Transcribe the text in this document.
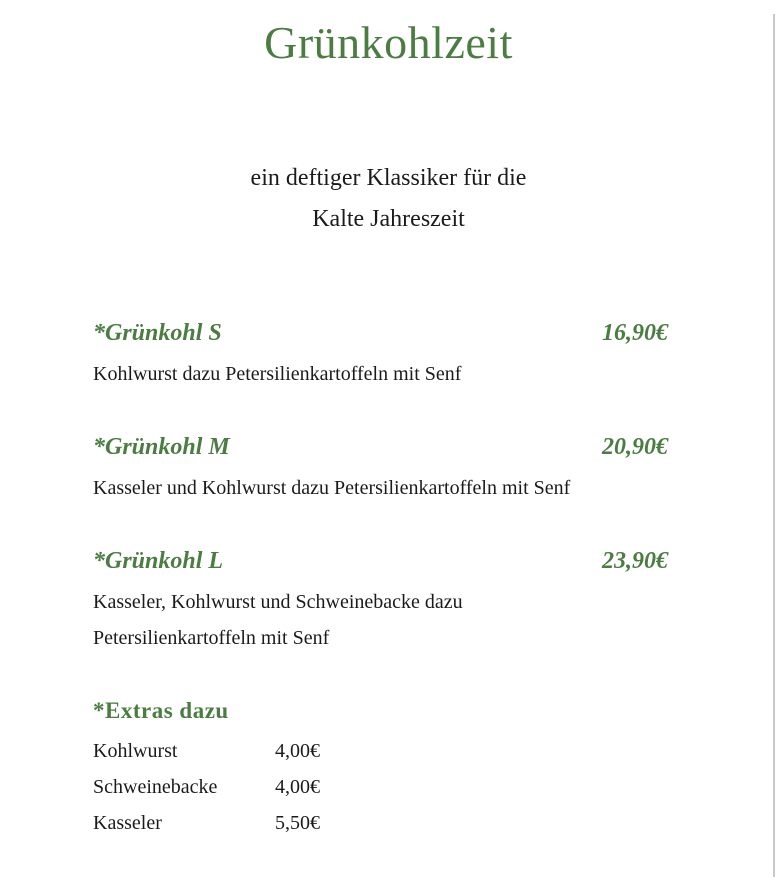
Grünkohlzeit
ein deftiger Klassiker für die
Kalte Jahreszeit
*Grünkohl S	16,90€
Kohlwurst dazu Petersilienkartoffeln mit Senf
*Grünkohl M	20,90€
Kasseler und Kohlwurst dazu Petersilienkartoffeln mit Senf
*Grünkohl L	23,90€
Kasseler, Kohlwurst und Schweinebacke dazu
Petersilienkartoffeln mit Senf
*Extras dazu
Kohlwurst	4,00€
Schweinebacke	4,00€
Kasseler	5,50€
